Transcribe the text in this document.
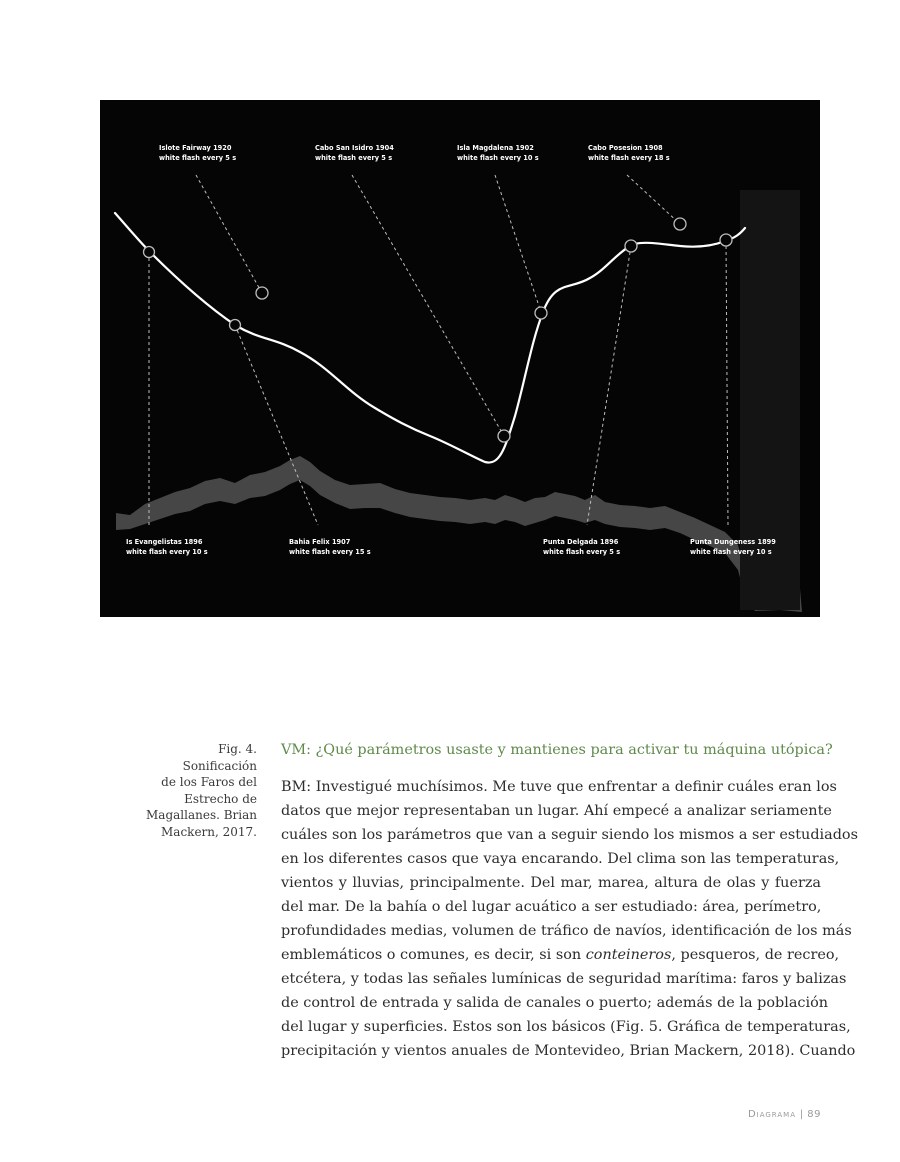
Islote Fairway 1920
white flash every 5 s
Cabo San Isidro 1904
white flash every 5 s
Isla Magdalena 1902
white flash every 10 s
Cabo Posesion 1908
white flash every 18 s
Is Evangelistas 1896
white flash every 10 s
Bahia Felix 1907
white flash every 15 s
Punta Delgada 1896
white flash every 5 s
Punta Dungeness 1899
white flash every 10 s
Fig. 4. Sonificación
de los Faros del
Estrecho de
Magallanes. Brian
Mackern, 2017.
VM: ¿Qué parámetros usaste y mantienes para activar tu máquina utópica?
BM: Investigué muchísimos. Me tuve que enfrentar a definir cuáles eran los
datos que mejor representaban un lugar. Ahí empecé a analizar seriamente
cuáles son los parámetros que van a seguir siendo los mismos a ser estudiados
en los diferentes casos que vaya encarando. Del clima son las temperaturas,
vientos y lluvias, principalmente. Del mar, marea, altura de olas y fuerza
del mar. De la bahía o del lugar acuático a ser estudiado: área, perímetro,
profundidades medias, volumen de tráfico de navíos, identificación de los más
emblemáticos o comunes, es decir, si son conteineros, pesqueros, de recreo,
etcétera, y todas las señales lumínicas de seguridad marítima: faros y balizas
de control de entrada y salida de canales o puerto; además de la población
del lugar y superficies. Estos son los básicos (Fig. 5. Gráfica de temperaturas,
precipitación y vientos anuales de Montevideo, Brian Mackern, 2018). Cuando
Diagrama | 89
